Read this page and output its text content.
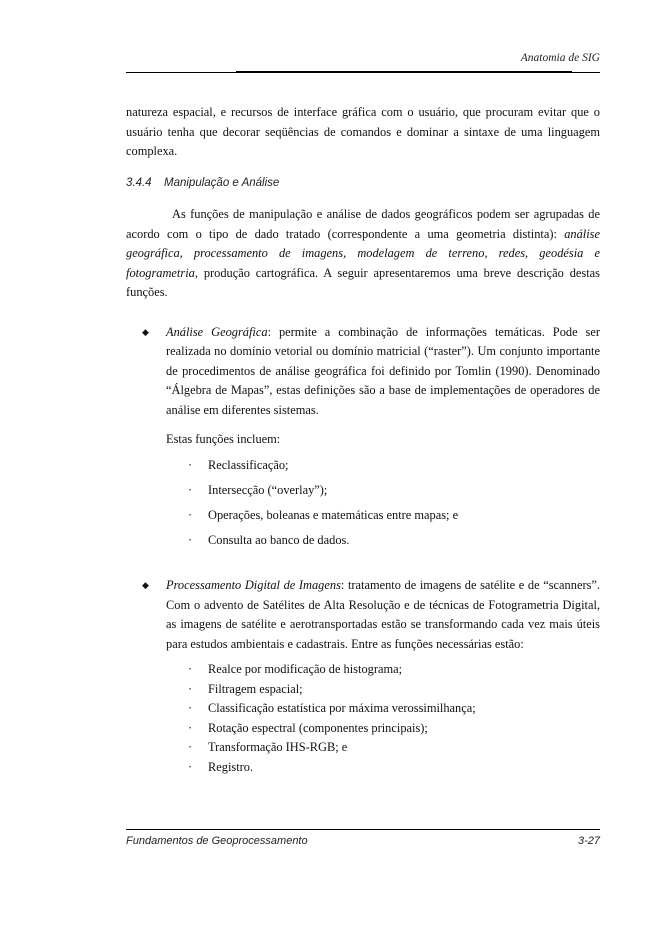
Anatomia de SIG

natureza espacial, e recursos de interface gráfica com o usuário, que procuram evitar que o usuário tenha que decorar seqüências de comandos e dominar a sintaxe de uma linguagem complexa.

3.4.4 Manipulação e Análise

As funções de manipulação e análise de dados geográficos podem ser agrupadas de acordo com o tipo de dado tratado (correspondente a uma geometria distinta): análise geográfica, processamento de imagens, modelagem de terreno, redes, geodésia e fotogrametria, produção cartográfica. A seguir apresentaremos uma breve descrição destas funções.

◆ Análise Geográfica: permite a combinação de informações temáticas. Pode ser realizada no domínio vetorial ou domínio matricial (“raster”). Um conjunto importante de procedimentos de análise geográfica foi definido por Tomlin (1990). Denominado “Álgebra de Mapas”, estas definições são a base de implementações de operadores de análise em diferentes sistemas.

Estas funções incluem:
· Reclassificação;
· Intersecção (“overlay”);
· Operações, boleanas e matemáticas entre mapas; e
· Consulta ao banco de dados.
◆ Processamento Digital de Imagens: tratamento de imagens de satélite e de “scanners”. Com o advento de Satélites de Alta Resolução e de técnicas de Fotogrametria Digital, as imagens de satélite e aerotransportadas estão se transformando cada vez mais úteis para estudos ambientais e cadastrais. Entre as funções necessárias estão:

· Realce por modificação de histograma;
· Filtragem espacial;
· Classificação estatística por máxima verossimilhança;
· Rotação espectral (componentes principais);
· Transformação IHS-RGB; e
· Registro.
Fundamentos de Geoprocessamento	3-27
